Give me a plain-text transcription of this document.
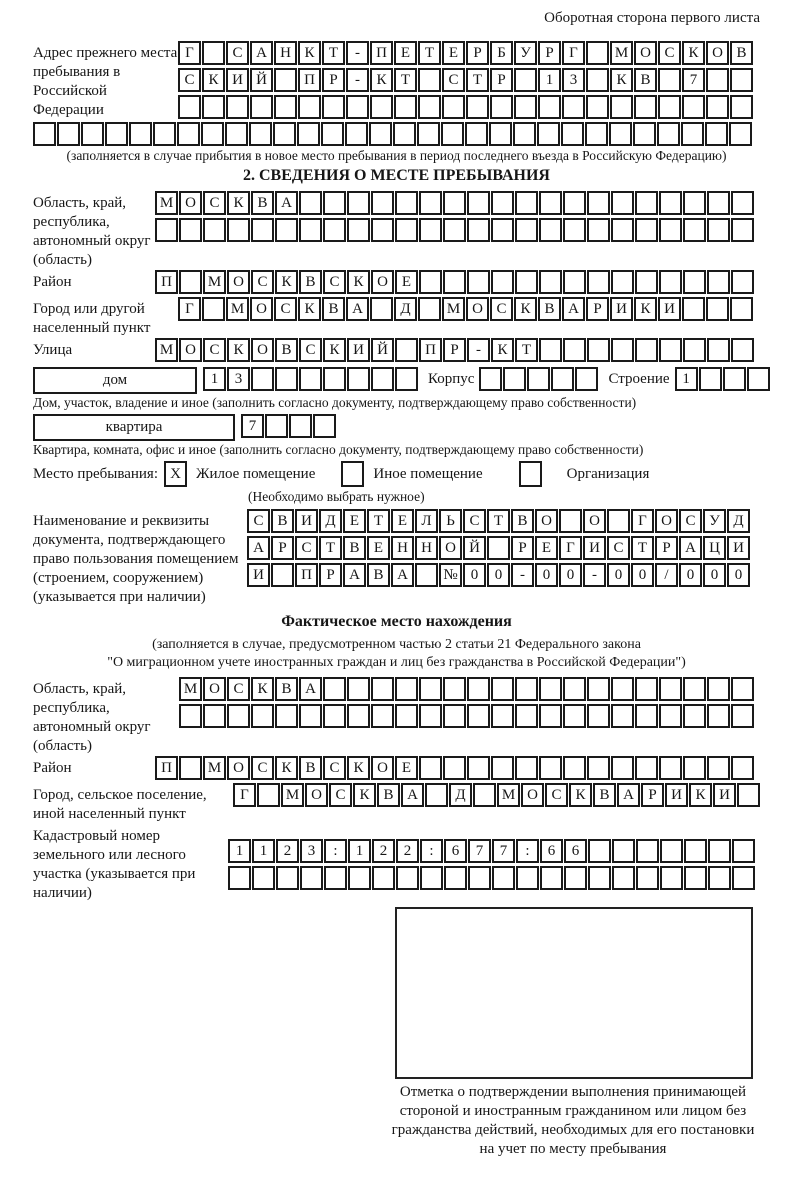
Оборотная сторона первого листа
Адрес прежнего места пребывания в Российской Федерации
Г	С А Н К Т	-	П Е Т Е	Р	Б У Р	Г	М О С К О В
С К И Й	П Р	-	К Т	С Т	Р	1	3	К В	7
(заполняется в случае прибытия в новое место пребывания в период последнего въезда в Российскую Федерацию)
2. СВЕДЕНИЯ О МЕСТЕ ПРЕБЫВАНИЯ
Область, край, республика, автономный округ (область)
М О С К В А
Район	П	М О С К В С К О Е
Город или другой населенный пункт
Г	М О С К В А	Д	М О С К В А Р И К И
Улица	М О С К О В С К И Й	П Р	-	К Т
дом	1	3	Корпус	Строение 1
Дом, участок, владение и иное (заполнить согласно документу, подтверждающему право собственности)
квартира	7
Квартира, комната, офис и иное (заполнить согласно документу, подтверждающему право собственности)
Место пребывания: X	Жилое помещение	Иное помещение	Организация
(Необходимо выбрать нужное)
Наименование и реквизиты документа, подтверждающего право пользования помещением (строением, сооружением) (указывается при наличии)
С В И Д Е Т Е Л Ь С Т В О	О	Г О С У Д
А Р С Т В Е Н Н О Й	Р	Е	Г И С Т	Р А Ц И
И	П Р А В А	№ 0	0	-	0	0	-	0	0	/	0	0	0
Фактическое место нахождения
(заполняется в случае, предусмотренном частью 2 статьи 21 Федерального закона
"О миграционном учете иностранных граждан и лиц без гражданства в Российской Федерации")
Область, край, республика, автономный округ (область)
М О С К В А
Район	П	М О С К В С К О Е
Город, сельское поселение, иной населенный пункт
Г	М О С К В А	Д	М О С К В А Р И К И
Кадастровый номер земельного или лесного участка (указывается при наличии)
1	1	2	3	:	1	2	2	:	6	7	7	:	6	6
Отметка о подтверждении выполнения принимающей
стороной и иностранным гражданином или лицом без
гражданства действий, необходимых для его постановки
на учет по месту пребывания
